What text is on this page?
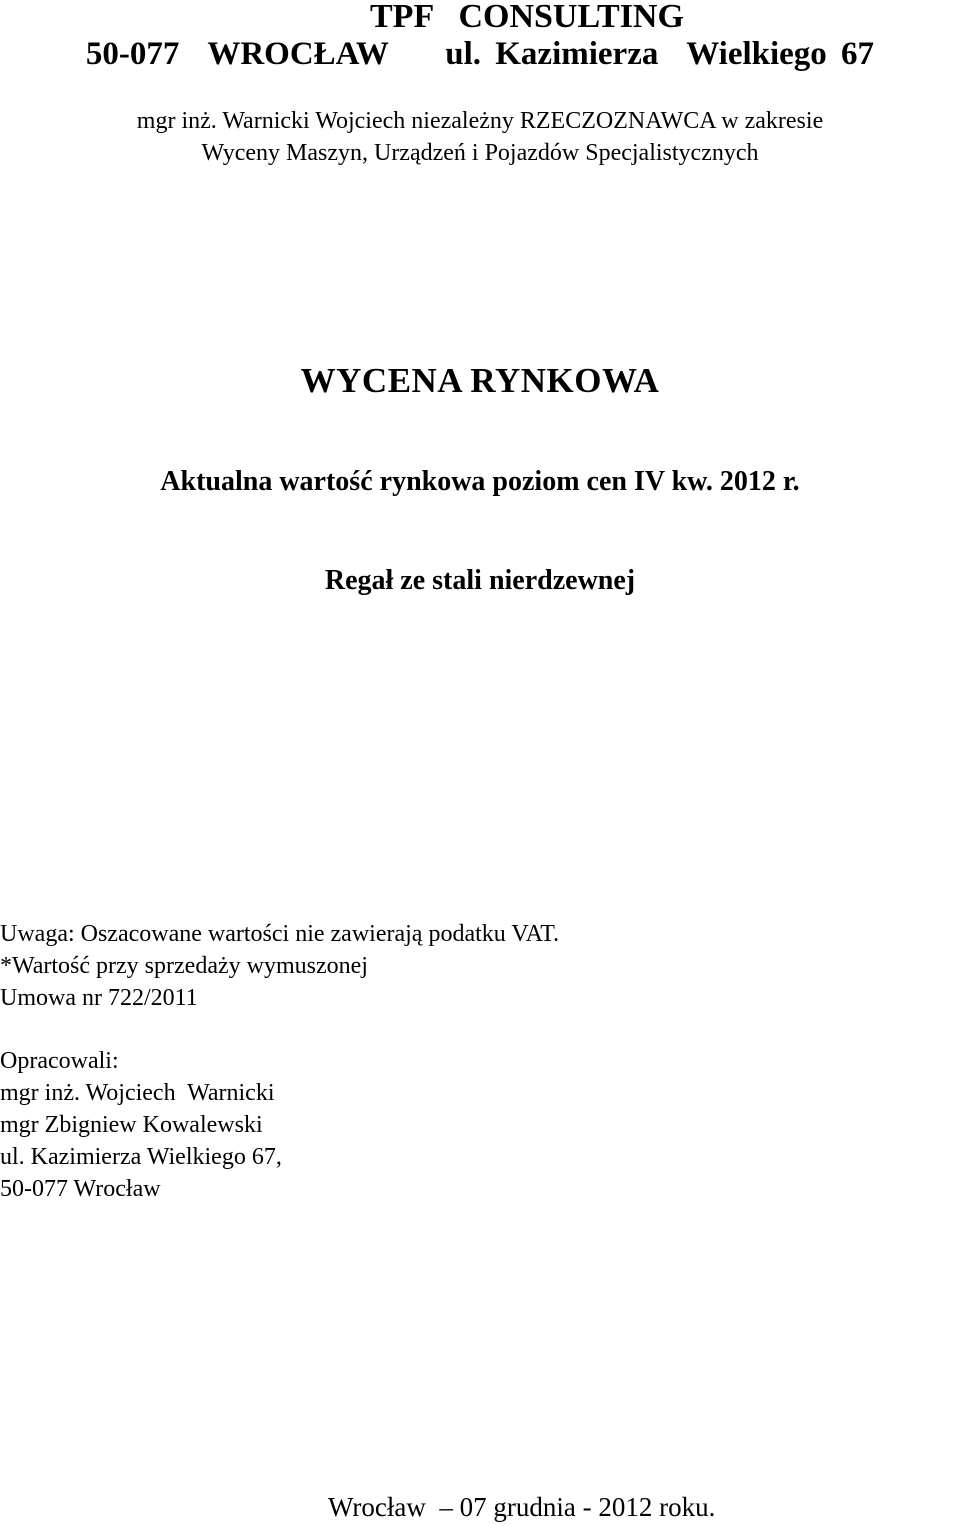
TPF   CONSULTING
50-077  WROCŁAW    ul. Kazimierza  Wielkiego 67
mgr inż. Warnicki Wojciech niezależny RZECZOZNAWCA w zakresie
Wyceny Maszyn, Urządzeń i Pojazdów Specjalistycznych
WYCENA RYNKOWA
Aktualna wartość rynkowa poziom cen IV kw. 2012 r.
Regał ze stali nierdzewnej
Uwaga: Oszacowane wartości nie zawierają podatku VAT.
*Wartość przy sprzedaży wymuszonej
Umowa nr 722/2011
Opracowali:
mgr inż. Wojciech  Warnicki
mgr Zbigniew Kowalewski
ul. Kazimierza Wielkiego 67,
50-077 Wrocław
Wrocław  – 07 grudnia - 2012 roku.
